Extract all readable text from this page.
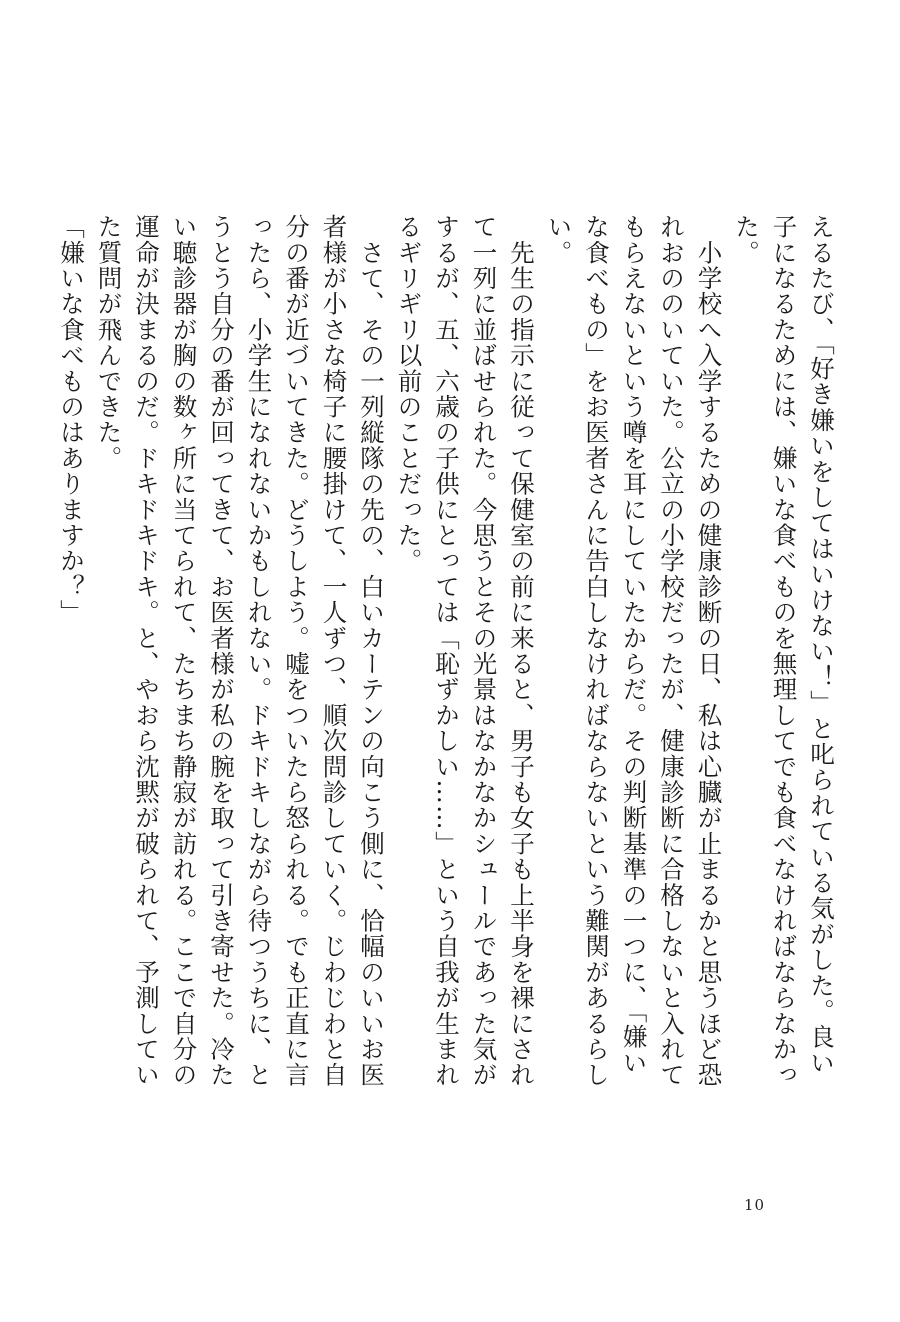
えるたび、「好き嫌いをしてはいけない！」と叱られている気がした。良い子になるためには、嫌いな食べものを無理してでも食べなければならなかった。

　小学校へ入学するための健康診断の日、私は心臓が止まるかと思うほど恐れおののいていた。公立の小学校だったが、健康診断に合格しないと入れてもらえないという噂を耳にしていたからだ。その判断基準の一つに、「嫌いな食べもの」をお医者さんに告白しなければならないという難関があるらしい。

　先生の指示に従って保健室の前に来ると、男子も女子も上半身を裸にされて一列に並ばせられた。今思うとその光景はなかなかシュールであった気がするが、五、六歳の子供にとっては「恥ずかしい……」という自我が生まれるギリギリ以前のことだった。

　さて、その一列縦隊の先の、白いカーテンの向こう側に、恰幅のいいお医者様が小さな椅子に腰掛けて、一人ずつ、順次問診していく。じわじわと自分の番が近づいてきた。どうしよう。嘘をついたら怒られる。でも正直に言ったら、小学生になれないかもしれない。ドキドキしながら待つうちに、とうとう自分の番が回ってきて、お医者様が私の腕を取って引き寄せた。冷たい聴診器が胸の数ヶ所に当てられて、たちまち静寂が訪れる。ここで自分の運命が決まるのだ。ドキドキドキ。と、やおら沈黙が破られて、予測していた質問が飛んできた。

「嫌いな食べものはありますか？」

10
